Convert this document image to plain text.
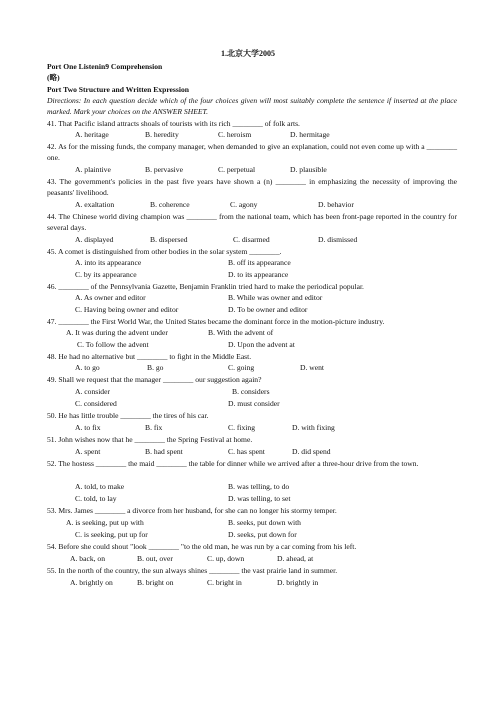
1.北京大学2005
Port One Listenin9 Comprehension
(略)
Port Two Structure and Written Expression
Directions: In each question decide which of the four choices given will most suitably complete the sentence if inserted at the place marked. Mark your choices on the ANSWER SHEET.
41. That Pacific island attracts shoals of tourists with its rich ________ of folk arts.
A. heritage	B. heredity	C. heroism	D. hermitage
42. As for the missing funds, the company manager, when demanded to give an explanation, could not even come up with a ________ one.
A. plaintive	B. pervasive	C. perpetual	D. plausible
43. The government's policies in the past five years have shown a (n) ________ in emphasizing the necessity of improving the peasants' livelihood.
A. exaltation	B. coherence	C. agony	D. behavior
44. The Chinese world diving champion was ________ from the national team, which has been front-page reported in the country for several days.
A. displayed	B. dispersed	C. disarmed	D. dismissed
45. A comet is distinguished from other bodies in the solar system ________.
A. into its appearance	B. off its appearance
C. by its appearance	D. to its appearance
46. ________ of the Pennsylvania Gazette, Benjamin Franklin tried hard to make the periodical popular.
A. As owner and editor	B. While was owner and editor
C. Having being owner and editor	D. To be owner and editor
47. ________ the First World War, the United States became the dominant force in the motion-picture industry.
A. It was during the advent under	B. With the advent of
C. To follow the advent	D. Upon the advent at
48. He had no alternative but ________ to fight in the Middle East.
A. to go	B. go	C. going	D. went
49. Shall we request that the manager ________ our suggestion again?
A. consider	B. considers
C. considered	D. must consider
50. He has little trouble ________ the tires of his car.
A. to fix	B. fix	C. fixing	D. with fixing
51. John wishes now that he ________ the Spring Festival at home.
A. spent	B. had spent	C. has spent	D. did spend
52. The hostess ________ the maid ________ the table for dinner while we arrived after a three-hour drive from the town.
A. told, to make	B. was telling, to do
C. told, to lay	D. was telling, to set
53. Mrs. James ________ a divorce from her husband, for she can no longer his stormy temper.
A. is seeking, put up with	B. seeks, put down with
C. is seeking, put up for	D. seeks, put down for
54. Before she could shout "look ________ "to the old man, he was run by a car coming from his left.
A. back, on	B. out, over	C. up, down	D. ahead, at
55. In the north of the country, the sun always shines ________ the vast prairie land in summer.
A. brightly on	B. bright on	C. bright in	D. brightly in
